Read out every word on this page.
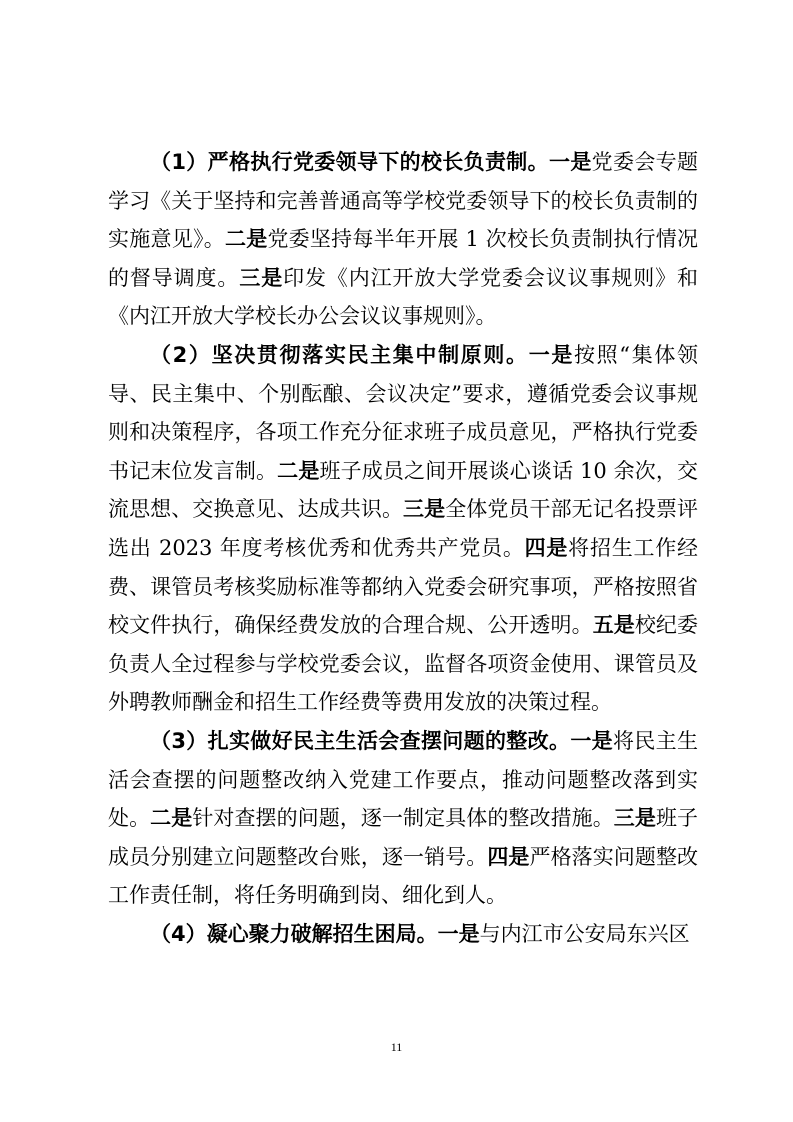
（1）严格执行党委领导下的校长负责制。一是党委会专题学习《关于坚持和完善普通高等学校党委领导下的校长负责制的实施意见》。二是党委坚持每半年开展 1 次校长负责制执行情况的督导调度。三是印发《内江开放大学党委会议议事规则》和《内江开放大学校长办公会议议事规则》。

（2）坚决贯彻落实民主集中制原则。一是按照“集体领导、民主集中、个别酝酿、会议决定”要求，遵循党委会议事规则和决策程序，各项工作充分征求班子成员意见，严格执行党委书记末位发言制。二是班子成员之间开展谈心谈话 10 余次，交流思想、交换意见、达成共识。三是全体党员干部无记名投票评选出 2023 年度考核优秀和优秀共产党员。四是将招生工作经费、课管员考核奖励标准等都纳入党委会研究事项，严格按照省校文件执行，确保经费发放的合理合规、公开透明。五是校纪委负责人全过程参与学校党委会议，监督各项资金使用、课管员及外聘教师酬金和招生工作经费等费用发放的决策过程。

（3）扎实做好民主生活会查摆问题的整改。一是将民主生活会查摆的问题整改纳入党建工作要点，推动问题整改落到实处。二是针对查摆的问题，逐一制定具体的整改措施。三是班子成员分别建立问题整改台账，逐一销号。四是严格落实问题整改工作责任制，将任务明确到岗、细化到人。

（4）凝心聚力破解招生困局。一是与内江市公安局东兴区

11
